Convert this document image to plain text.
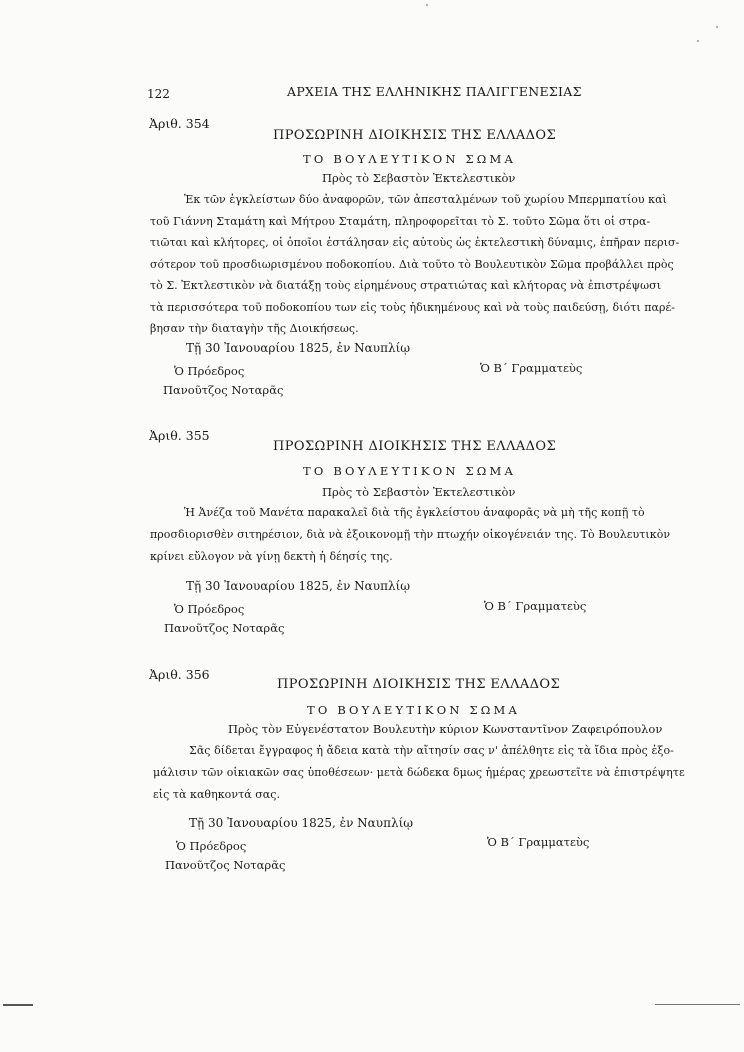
122	ΑΡΧΕΙΑ ΤΗΣ ΕΛΛΗΝΙΚΗΣ ΠΑΛΙΓΓΕΝΕΣΙΑΣ
Ἀριθ. 354
ΠΡΟΣΩΡΙΝΗ ΔΙΟΙΚΗΣΙΣ ΤΗΣ ΕΛΛΑΔΟΣ
ΤΟ ΒΟΥΛΕΥΤΙΚΟΝ ΣΩΜΑ
Πρὸς τὸ Σεβαστὸν Ἐκτελεστικὸν
Ἐκ τῶν ἐγκλείστων δύο ἀναφορῶν, τῶν ἀπεσταλμένων τοῦ χωρίου Μπερμπατίου καὶ
τοῦ Γιάννη Σταμάτη καὶ Μήτρου Σταμάτη, πληροφορεῖται τὸ Σ. τοῦτο Σῶμα ὅτι οἱ στρα-
τιῶται καὶ κλήτορες, οἱ ὁποῖοι ἐστάλησαν εἰς αὐτοὺς ὡς ἐκτελεστικὴ δύναμις, ἐπῆραν περισ-
σότερον τοῦ προσδιωρισμένου ποδοκοπίου. Διὰ τοῦτο τὸ Βουλευτικὸν Σῶμα προβάλλει πρὸς
τὸ Σ. Ἐκτλεστικὸν νὰ διατάξῃ τοὺς εἰρημένους στρατιώτας καὶ κλήτορας νὰ ἐπιστρέψωσι
τὰ περισσότερα τοῦ ποδοκοπίου των εἰς τοὺς ἠδικημένους καὶ νὰ τοὺς παιδεύσῃ, διότι παρέ-
βησαν τὴν διαταγὴν τῆς Διοικήσεως.
Τῇ 30 Ἰανουαρίου 1825, ἐν Ναυπλίῳ
Ὁ Πρόεδρος	Ὁ Β΄ Γραμματεὺς
Πανοῦτζος Νοταρᾶς
Ἀριθ. 355
ΠΡΟΣΩΡΙΝΗ ΔΙΟΙΚΗΣΙΣ ΤΗΣ ΕΛΛΑΔΟΣ
ΤΟ ΒΟΥΛΕΥΤΙΚΟΝ ΣΩΜΑ
Πρὸς τὸ Σεβαστὸν Ἐκτελεστικὸν
Ἡ Ἀνέζα τοῦ Μανέτα παρακαλεῖ διὰ τῆς ἐγκλείστου ἀναφορᾶς νὰ μὴ τῆς κοπῇ τὸ
προσδιορισθὲν σιτηρέσιον, διὰ νὰ ἐξοικονομῇ τὴν πτωχήν οἰκογένειάν της. Τὸ Βουλευτικὸν
κρίνει εὔλογον νὰ γίνῃ δεκτὴ ἡ δέησίς της.
Τῇ 30 Ἰανουαρίου 1825, ἐν Ναυπλίῳ
Ὁ Πρόεδρος	Ὁ Β΄ Γραμματεὺς
Πανοῦτζος Νοταρᾶς
Ἀριθ. 356
ΠΡΟΣΩΡΙΝΗ ΔΙΟΙΚΗΣΙΣ ΤΗΣ ΕΛΛΑΔΟΣ
ΤΟ ΒΟΥΛΕΥΤΙΚΟΝ ΣΩΜΑ
Πρὸς τὸν Εὐγενέστατον Βουλευτὴν κύριον Κωνσταντῖνον Ζαφειρόπουλον
Σᾶς δίδεται ἔγγραφος ἡ ἄδεια κατὰ τὴν αἴτησίν σας ν' ἀπέλθητε εἰς τὰ ἴδια πρὸς ἐξο-
μάλισιν τῶν οἰκιακῶν σας ὑποθέσεων· μετὰ δώδεκα δμως ἡμέρας χρεωστεῖτε νὰ ἐπιστρέψητε
εἰς τὰ καθηκοντά σας.
Τῇ 30 Ἰανουαρίου 1825, ἐν Ναυπλίῳ
Ὁ Πρόεδρος	Ὁ Β΄ Γραμματεὺς
Πανοῦτζος Νοταρᾶς
